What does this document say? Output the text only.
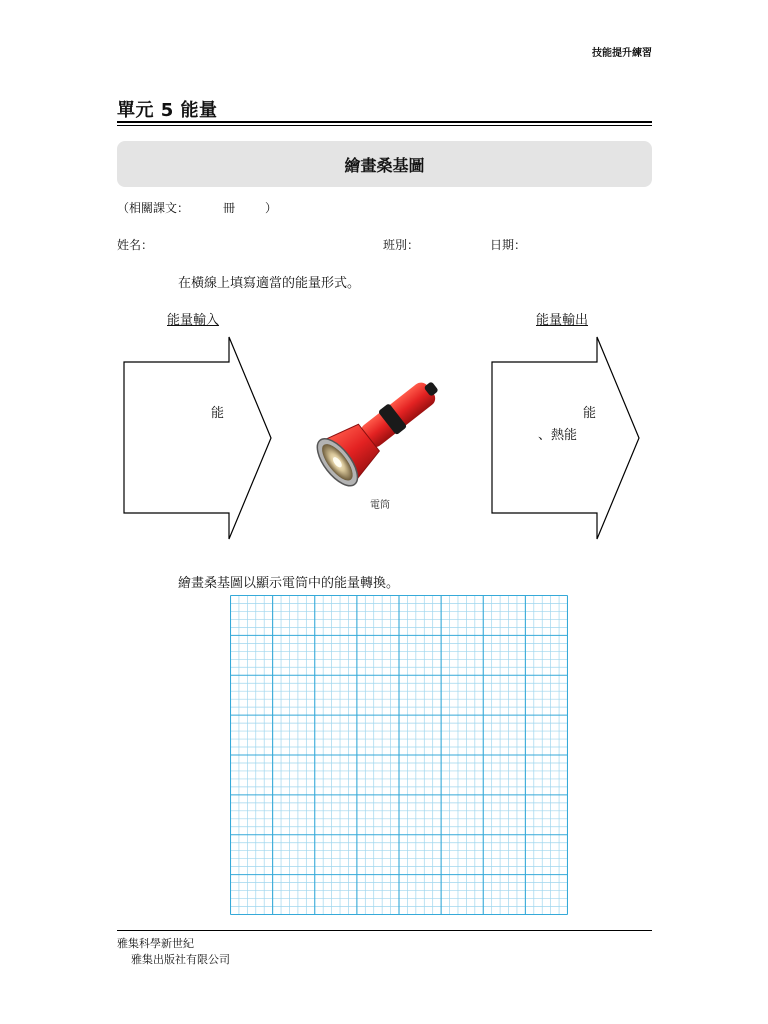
技能提升練習
單元 5 能量
繪畫桑基圖
（相關課文：	冊	）
姓名：	班別：	日期：
在橫線上填寫適當的能量形式。
能量輸入	能量輸出
能	能
、熱能
電筒
繪畫桑基圖以顯示電筒中的能量轉換。
雅集科學新世紀
雅集出版社有限公司
